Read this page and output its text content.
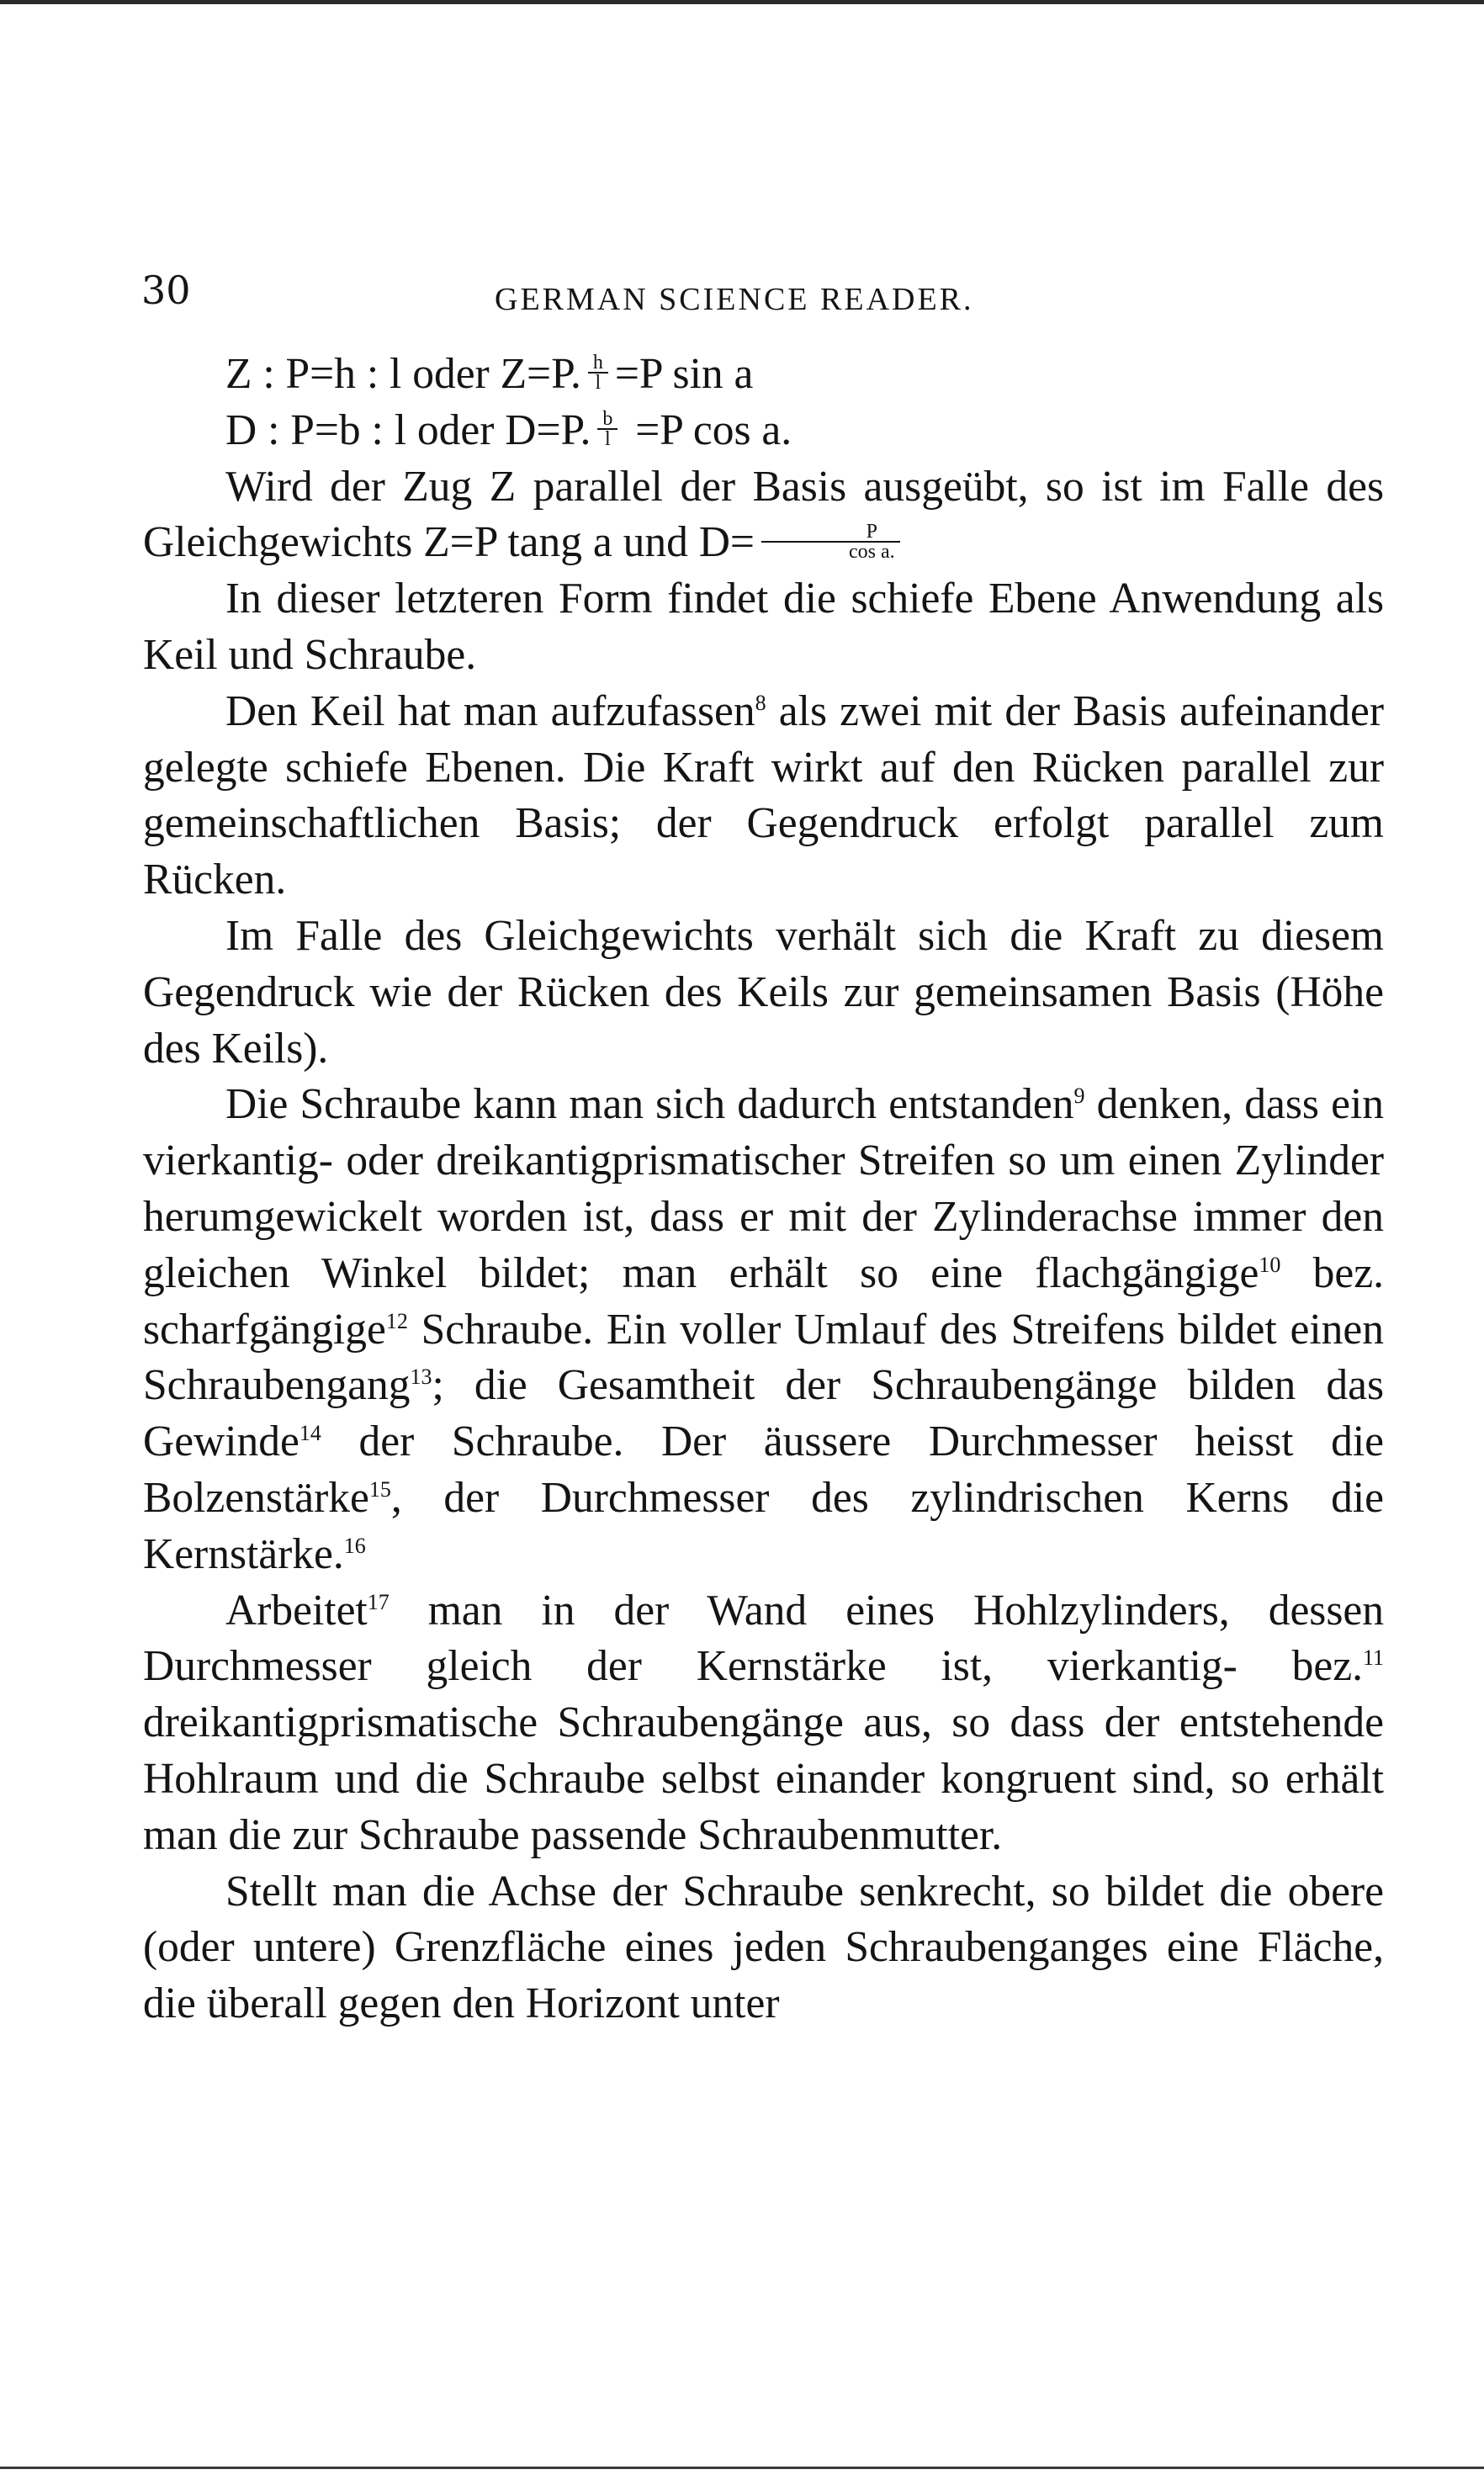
30	GERMAN SCIENCE READER.
Z : P=h : l oder Z=P. $\frac{h}{l} =P$ sin a
D : P=b : l oder D=P. $\frac{b}{l} =P$ cos a.

Wird der Zug Z parallel der Basis ausgeübt, so ist im Falle des Gleichgewichts Z=P tang a und $D= \frac{P}{\text{cos a.}}$

In dieser letzteren Form findet die schiefe Ebene Anwendung als Keil und Schraube.

Den Keil hat man aufzufassen$^8$ als zwei mit der Basis aufeinander gelegte schiefe Ebenen. Die Kraft wirkt auf den Rücken parallel zur gemeinschaftlichen Basis; der Gegendruck erfolgt parallel zum Rücken.

Im Falle des Gleichgewichts verhält sich die Kraft zu diesem Gegendruck wie der Rücken des Keils zur gemeinsamen Basis (Höhe des Keils).

Die Schraube kann man sich dadurch entstanden$^9$ denken, dass ein vierkantig- oder dreikantigprismatischer Streifen so um einen Zylinder herumgewickelt worden ist, dass er mit der Zylinderachse immer den gleichen Winkel bildet; man erhält so eine flachgängige$^{10}$ bez. scharfgängige$^{12}$ Schraube. Ein voller Umlauf des Streifens bildet einen Schraubengang$^{13}$; die Gesamtheit der Schraubengänge bilden das Gewinde$^{14}$ der Schraube. Der äussere Durchmesser heisst die Bolzenstärke$^{15}$, der Durchmesser des zylindrischen Kerns die Kernstärke.$^{16}$

Arbeitet$^{17}$ man in der Wand eines Hohlzylinders, dessen Durchmesser gleich der Kernstärke ist, vierkantig- bez.$^{11}$ dreikantigprismatische Schraubengänge aus, so dass der entstehende Hohlraum und die Schraube selbst einander kongruent sind, so erhält man die zur Schraube passende Schraubenmutter.

Stellt man die Achse der Schraube senkrecht, so bildet die obere (oder untere) Grenzfläche eines jeden Schraubenganges eine Fläche, die überall gegen den Horizont unter
